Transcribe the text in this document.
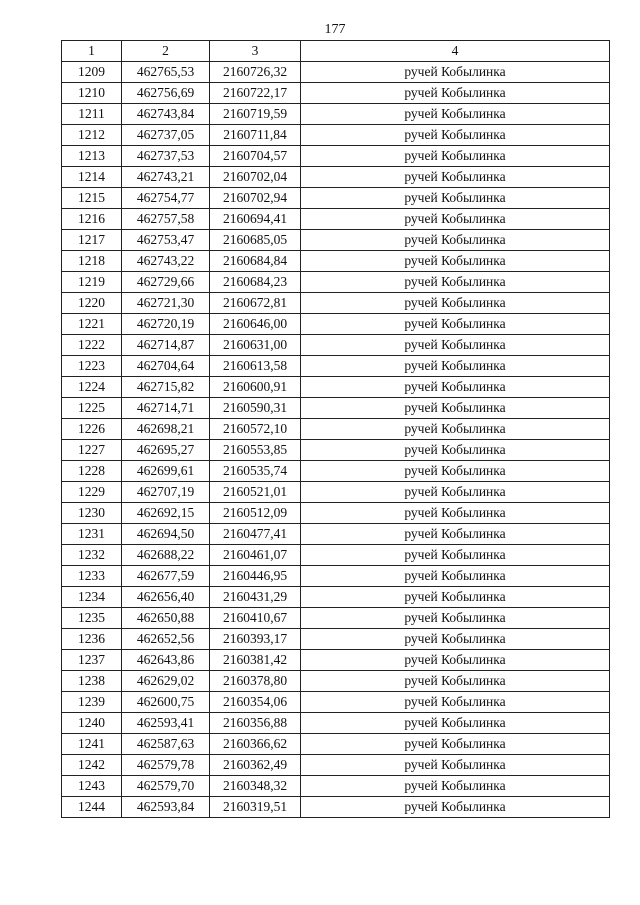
177
1	2	3	4
1209	462765,53	2160726,32	ручей Кобылинка
1210	462756,69	2160722,17	ручей Кобылинка
1211	462743,84	2160719,59	ручей Кобылинка
1212	462737,05	2160711,84	ручей Кобылинка
1213	462737,53	2160704,57	ручей Кобылинка
1214	462743,21	2160702,04	ручей Кобылинка
1215	462754,77	2160702,94	ручей Кобылинка
1216	462757,58	2160694,41	ручей Кобылинка
1217	462753,47	2160685,05	ручей Кобылинка
1218	462743,22	2160684,84	ручей Кобылинка
1219	462729,66	2160684,23	ручей Кобылинка
1220	462721,30	2160672,81	ручей Кобылинка
1221	462720,19	2160646,00	ручей Кобылинка
1222	462714,87	2160631,00	ручей Кобылинка
1223	462704,64	2160613,58	ручей Кобылинка
1224	462715,82	2160600,91	ручей Кобылинка
1225	462714,71	2160590,31	ручей Кобылинка
1226	462698,21	2160572,10	ручей Кобылинка
1227	462695,27	2160553,85	ручей Кобылинка
1228	462699,61	2160535,74	ручей Кобылинка
1229	462707,19	2160521,01	ручей Кобылинка
1230	462692,15	2160512,09	ручей Кобылинка
1231	462694,50	2160477,41	ручей Кобылинка
1232	462688,22	2160461,07	ручей Кобылинка
1233	462677,59	2160446,95	ручей Кобылинка
1234	462656,40	2160431,29	ручей Кобылинка
1235	462650,88	2160410,67	ручей Кобылинка
1236	462652,56	2160393,17	ручей Кобылинка
1237	462643,86	2160381,42	ручей Кобылинка
1238	462629,02	2160378,80	ручей Кобылинка
1239	462600,75	2160354,06	ручей Кобылинка
1240	462593,41	2160356,88	ручей Кобылинка
1241	462587,63	2160366,62	ручей Кобылинка
1242	462579,78	2160362,49	ручей Кобылинка
1243	462579,70	2160348,32	ручей Кобылинка
1244	462593,84	2160319,51	ручей Кобылинка
